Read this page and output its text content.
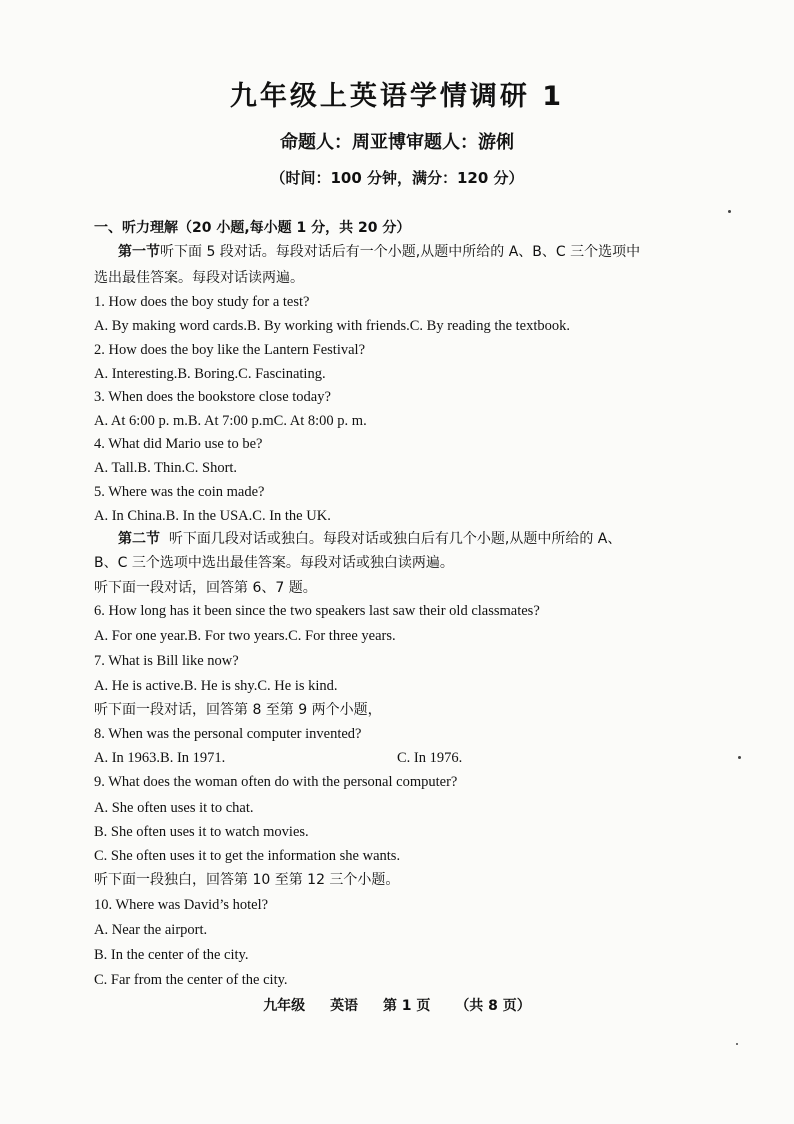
九年级上英语学情调研 1
命题人：周亚博审题人：游俐
（时间：100 分钟，满分：120 分）
一、听力理解（20 小题,每小题 1 分，共 20 分）
第一节听下面 5 段对话。每段对话后有一个小题,从题中所给的 A、B、C 三个选项中
选出最佳答案。每段对话读两遍。
1. How does the boy study for a test?
A. By making word cards.B. By working with friends.C. By reading the textbook.
2. How does the boy like the Lantern Festival?
A. Interesting.B. Boring.C. Fascinating.
3. When does the bookstore close today?
A. At 6:00 p. m.B. At 7:00 p.mC. At 8:00 p. m.
4. What did Mario use to be?
A. Tall.B. Thin.C. Short.
5. Where was the coin made?
A. In China.B. In the USA.C. In the UK.
第二节 听下面几段对话或独白。每段对话或独白后有几个小题,从题中所给的 A、
B、C 三个选项中选出最佳答案。每段对话或独白读两遍。
听下面一段对话，回答第 6、7 题。
6. How long has it been since the two speakers last saw their old classmates?
A. For one year.B. For two years.C. For three years.
7. What is Bill like now?
A. He is active.B. He is shy.C. He is kind.
听下面一段对话，回答第 8 至第 9 两个小题，
8. When was the personal computer invented?
A. In 1963.B. In 1971.	C. In 1976.
9. What does the woman often do with the personal computer?
A. She often uses it to chat.
B. She often uses it to watch movies.
C. She often uses it to get the information she wants.
听下面一段独白，回答第 10 至第 12 三个小题。
10. Where was David’s hotel?
A. Near the airport.
B. In the center of the city.
C. Far from the center of the city.
九年级 英语 第 1 页 （共 8 页）
